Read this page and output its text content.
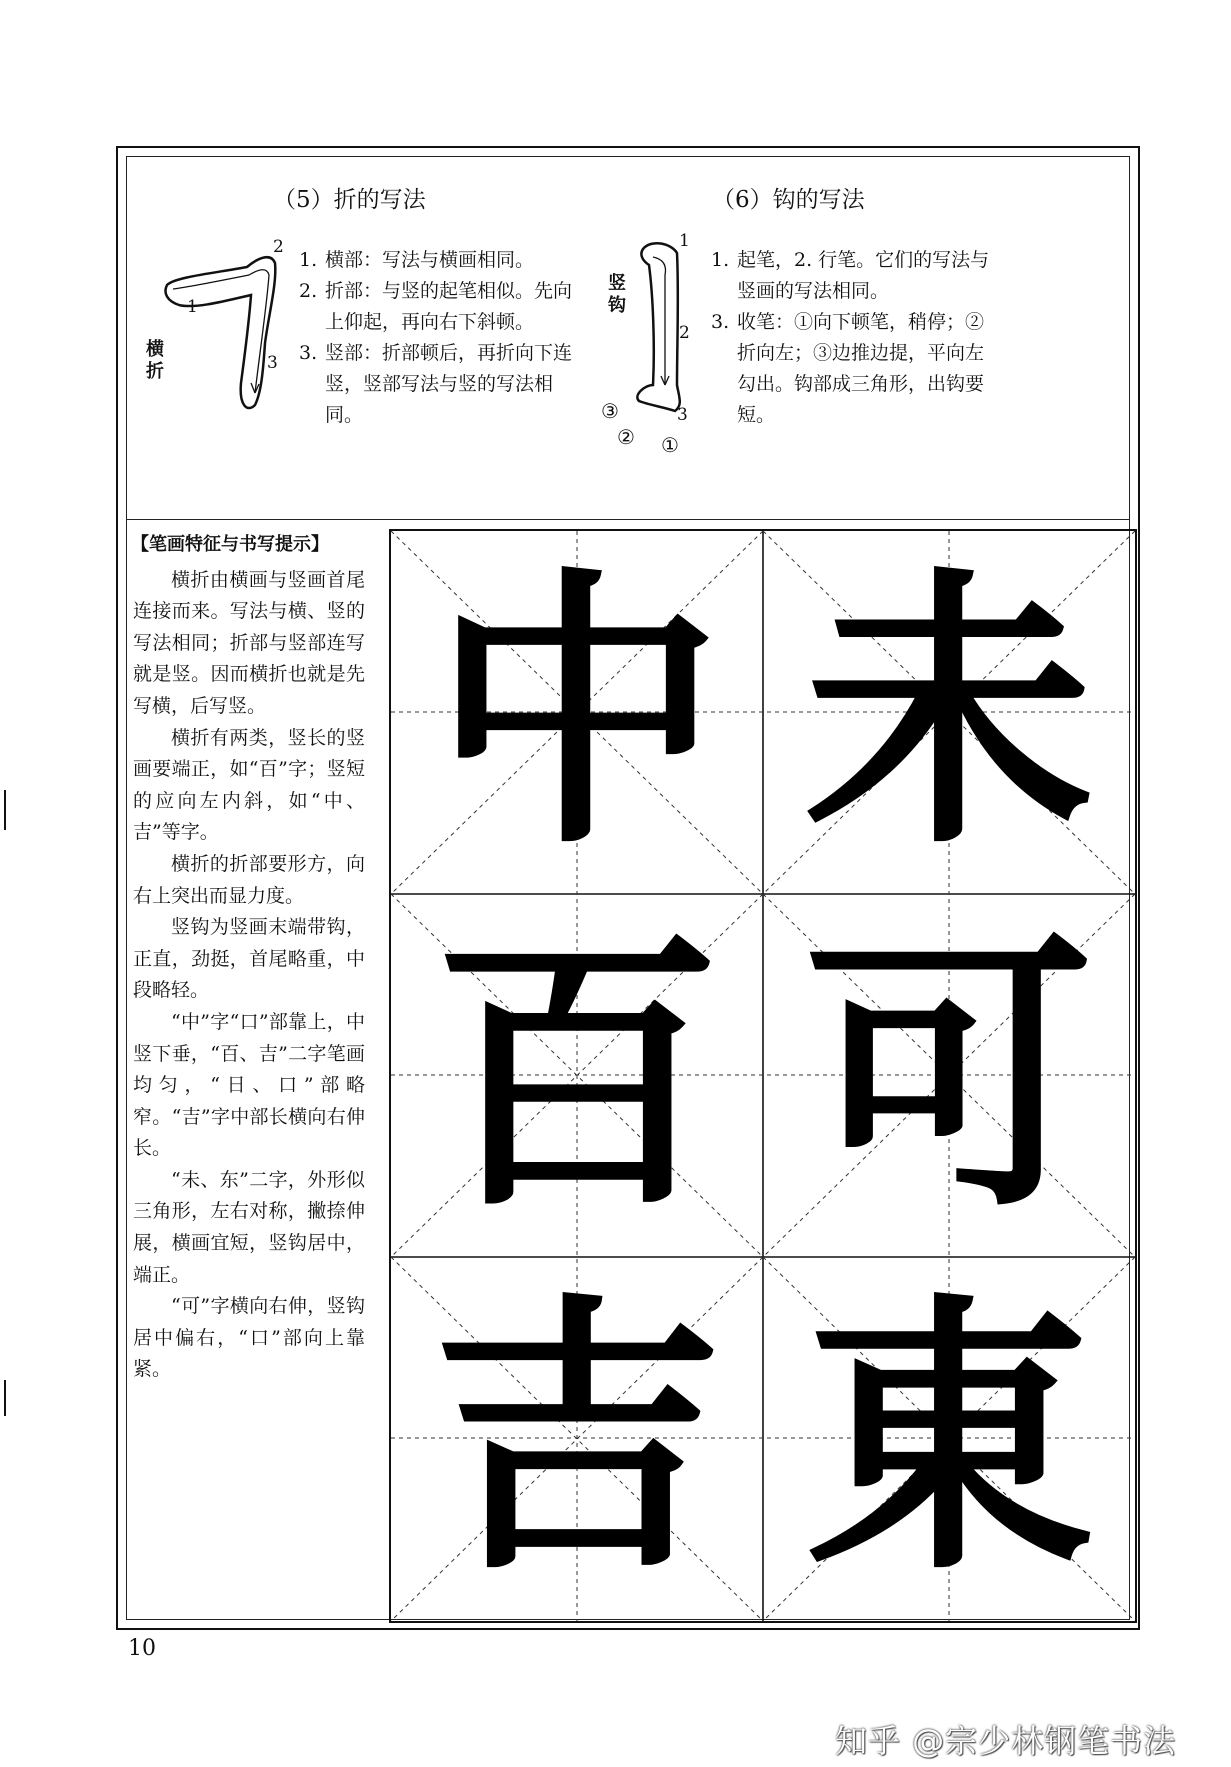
（5）折的写法	（6）钩的写法
2
1
3
横折
1. 横部：写法与横画相同。
2. 折部：与竖的起笔相似。先向上仰起，再向右下斜顿。
3. 竖部：折部顿后，再折向下连竖，竖部写法与竖的写法相同。
竖钩
1
2
3
③
② ①
1. 起笔，2. 行笔。它们的写法与竖画的写法相同。
3. 收笔：①向下顿笔，稍停；②折向左；③边推边提，平向左勾出。钩部成三角形，出钩要短。
【笔画特征与书写提示】

横折由横画与竖画首尾连接而来。写法与横、竖的写法相同；折部与竖部连写就是竖。因而横折也就是先写横，后写竖。

横折有两类，竖长的竖画要端正，如“百”字；竖短的应向左内斜，如“中、吉”等字。

横折的折部要形方，向右上突出而显力度。

竖钩为竖画末端带钩，正直，劲挺，首尾略重，中段略轻。

“中”字“口”部靠上，中竖下垂，“百、吉”二字笔画均匀，“日、口”部略窄。“吉”字中部长横向右伸长。

“未、东”二字，外形似三角形，左右对称，撇捺伸展，横画宜短，竖钩居中，端正。

“可”字横向右伸，竖钩居中偏右，“口”部向上靠紧。

中 未
百 可
吉 東
10
知乎 @宗少林钢笔书法
